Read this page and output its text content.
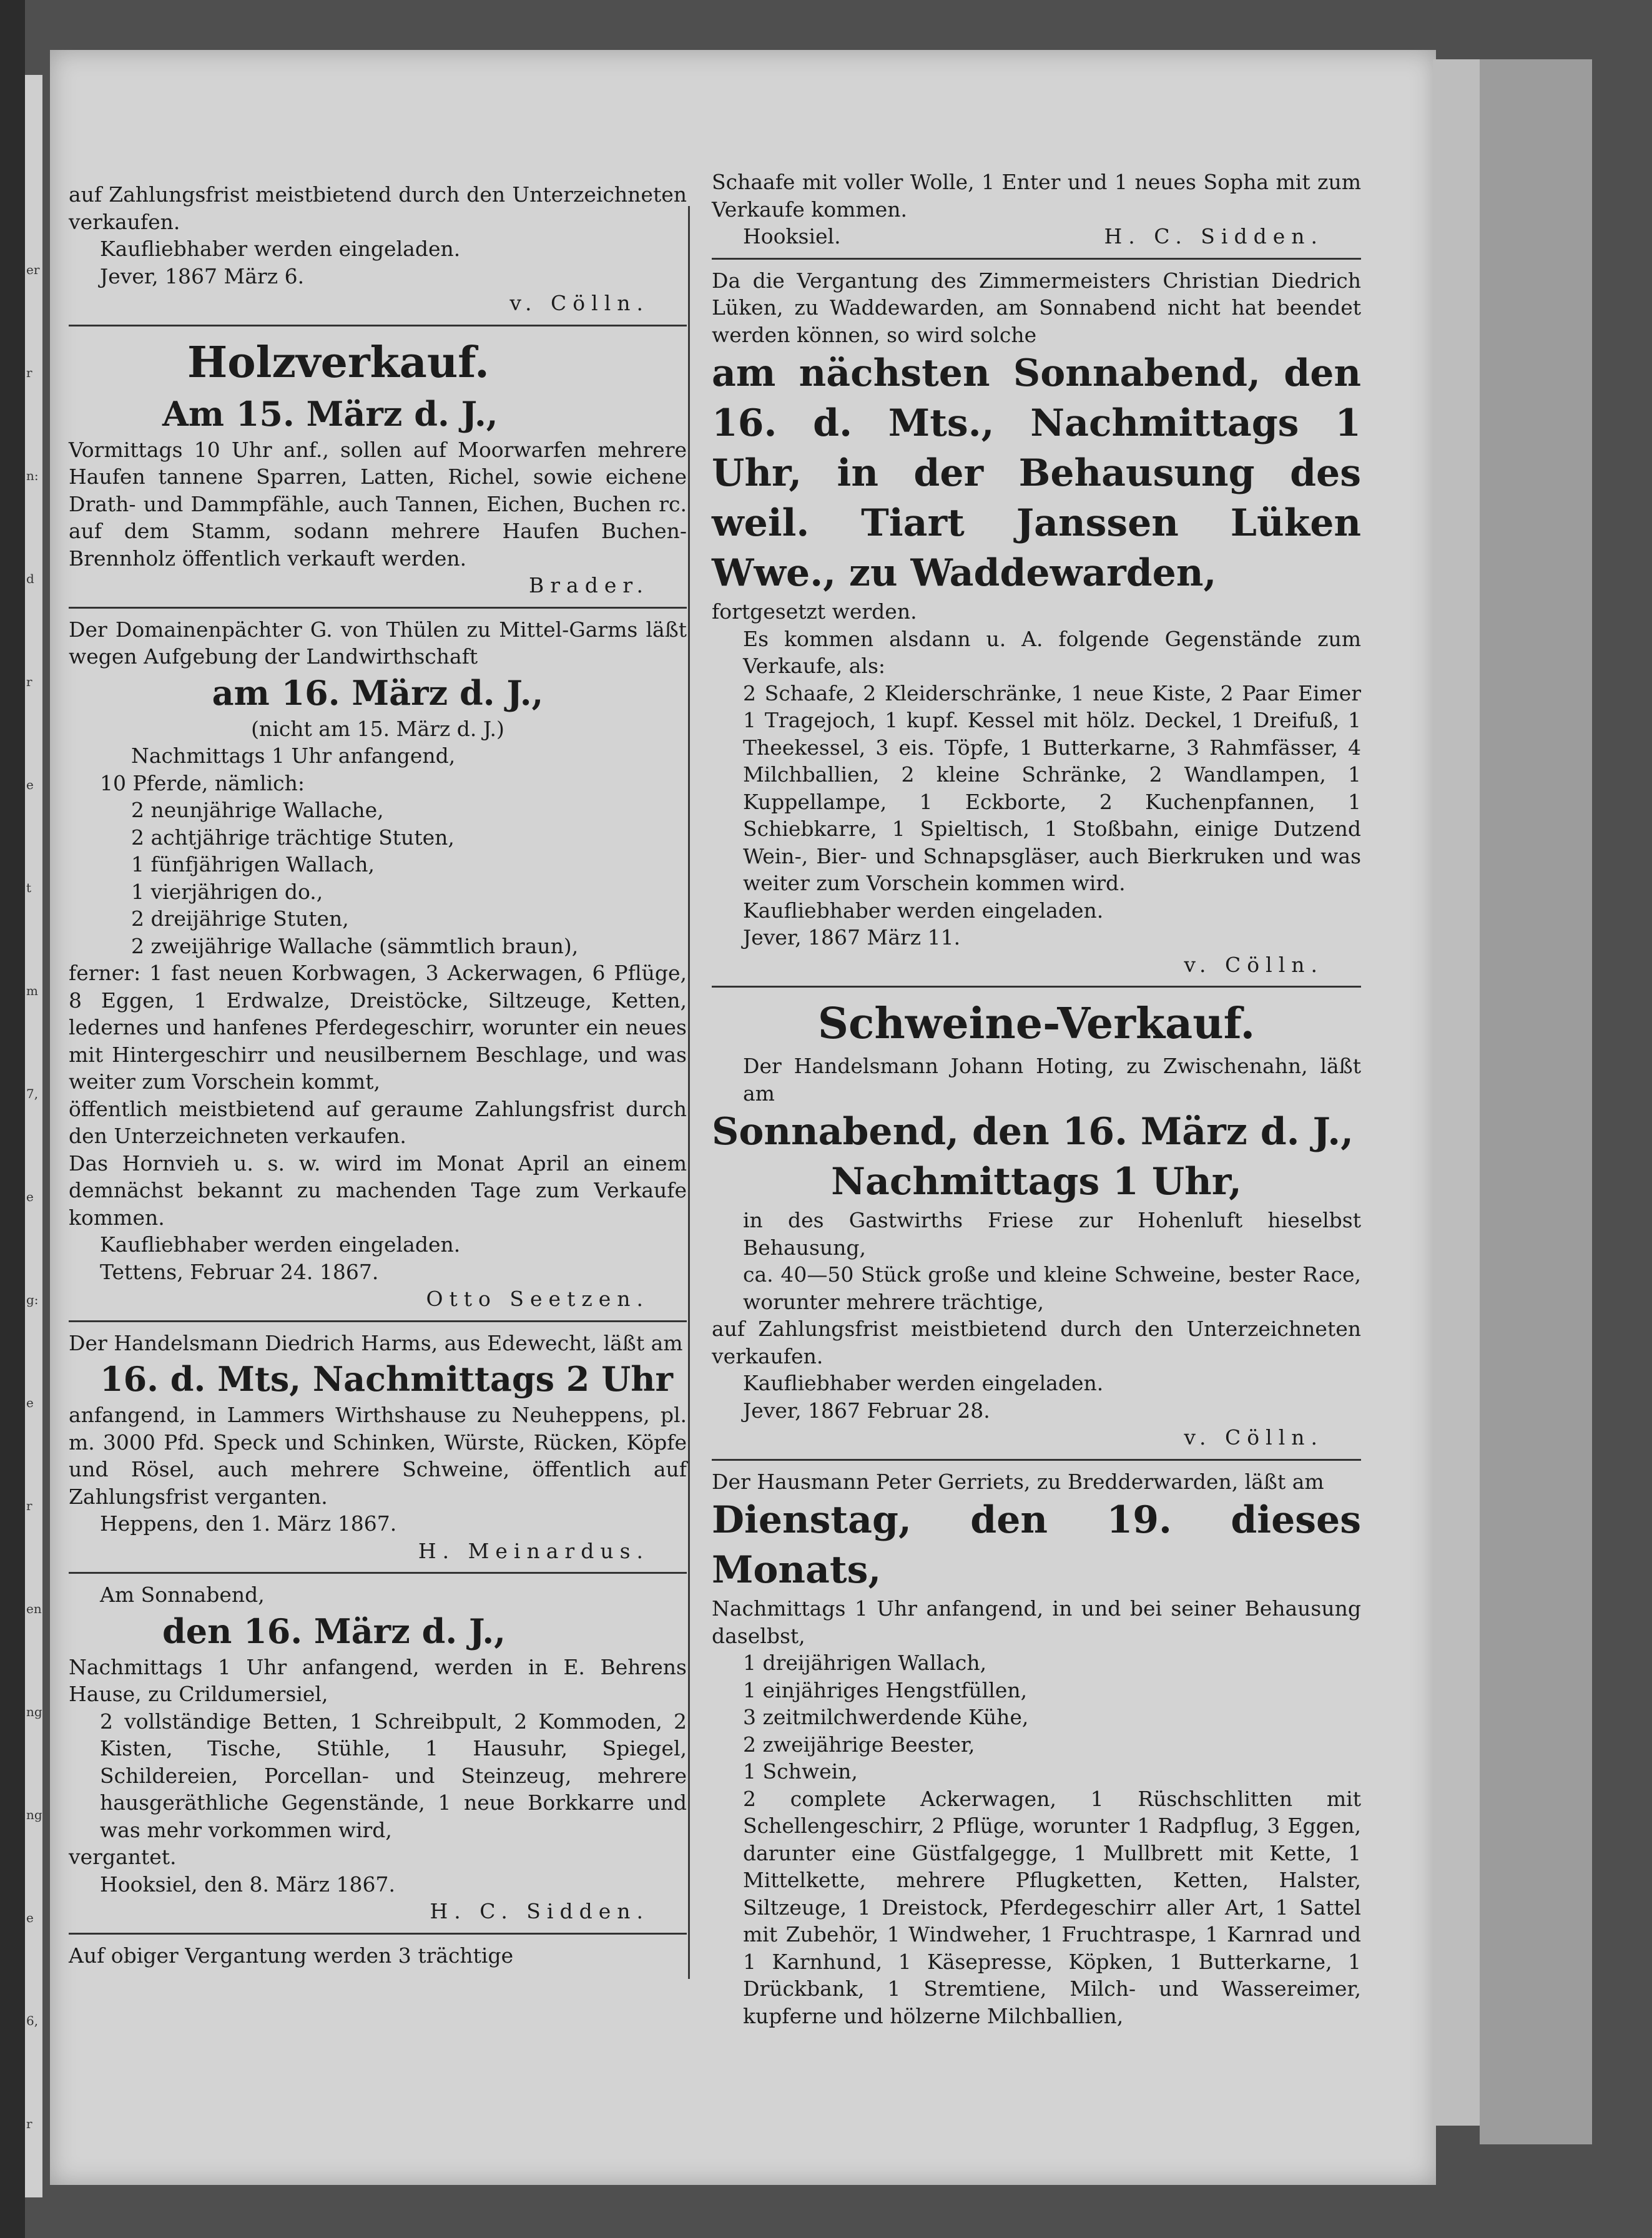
er
r
n:
d
r
e
t
m
7,
e
g:
e
r
en
ng
ng
e
6,
r

auf Zahlungsfrist meistbietend durch den Unterzeichneten verkaufen.

Kaufliebhaber werden eingeladen.

Jever, 1867 März 6.

v. Cölln.

Holzverkauf.

Am 15. März d. J.,

Vormittags 10 Uhr anf., sollen auf Moorwarfen mehrere Haufen tannene Sparren, Latten, Richel, sowie eichene Drath- und Dammpfähle, auch Tannen, Eichen, Buchen rc. auf dem Stamm, sodann mehrere Haufen Buchen-Brennholz öffentlich verkauft werden.

Brader.

Der Domainenpächter G. von Thülen zu Mittel-Garms läßt wegen Aufgebung der Landwirthschaft

am 16. März d. J.,

(nicht am 15. März d. J.)

Nachmittags 1 Uhr anfangend,

10 Pferde, nämlich:

2 neunjährige Wallache,

2 achtjährige trächtige Stuten,

1 fünfjährigen Wallach,

1 vierjährigen do.,

2 dreijährige Stuten,

2 zweijährige Wallache (sämmtlich braun),

ferner: 1 fast neuen Korbwagen, 3 Ackerwagen, 6 Pflüge, 8 Eggen, 1 Erdwalze, Dreistöcke, Siltzeuge, Ketten, ledernes und hanfenes Pferdegeschirr, worunter ein neues mit Hintergeschirr und neusilbernem Beschlage, und was weiter zum Vorschein kommt,

öffentlich meistbietend auf geraume Zahlungsfrist durch den Unterzeichneten verkaufen.

Das Hornvieh u. s. w. wird im Monat April an einem demnächst bekannt zu machenden Tage zum Verkaufe kommen.

Kaufliebhaber werden eingeladen.

Tettens, Februar 24. 1867.

Otto Seetzen.

Der Handelsmann Diedrich Harms, aus Edewecht, läßt am

16. d. Mts, Nachmittags 2 Uhr

anfangend, in Lammers Wirthshause zu Neuheppens, pl. m. 3000 Pfd. Speck und Schinken, Würste, Rücken, Köpfe und Rösel, auch mehrere Schweine, öffentlich auf Zahlungsfrist verganten.

Heppens, den 1. März 1867.

H. Meinardus.

Am Sonnabend,

den 16. März d. J.,

Nachmittags 1 Uhr anfangend, werden in E. Behrens Hause, zu Crildumersiel,

2 vollständige Betten, 1 Schreibpult, 2 Kommoden, 2 Kisten, Tische, Stühle, 1 Hausuhr, Spiegel, Schildereien, Porcellan- und Steinzeug, mehrere hausgeräthliche Gegenstände, 1 neue Borkkarre und was mehr vorkommen wird,

vergantet.

Hooksiel, den 8. März 1867.

H. C. Sidden.

Auf obiger Vergantung werden 3 trächtige

Schaafe mit voller Wolle, 1 Enter und 1 neues Sopha mit zum Verkaufe kommen.

Hooksiel.	H. C. Sidden.

Da die Vergantung des Zimmermeisters Christian Diedrich Lüken, zu Waddewarden, am Sonnabend nicht hat beendet werden können, so wird solche

am nächsten Sonnabend, den 16. d. Mts., Nachmittags 1 Uhr, in der Behausung des weil. Tiart Janssen Lüken Wwe., zu Waddewarden,

fortgesetzt werden.

Es kommen alsdann u. A. folgende Gegenstände zum Verkaufe, als:

2 Schaafe, 2 Kleiderschränke, 1 neue Kiste, 2 Paar Eimer 1 Tragejoch, 1 kupf. Kessel mit hölz. Deckel, 1 Dreifuß, 1 Theekessel, 3 eis. Töpfe, 1 Butterkarne, 3 Rahmfässer, 4 Milchballien, 2 kleine Schränke, 2 Wandlampen, 1 Kuppellampe, 1 Eckborte, 2 Kuchenpfannen, 1 Schiebkarre, 1 Spieltisch, 1 Stoßbahn, einige Dutzend Wein-, Bier- und Schnapsgläser, auch Bierkruken und was weiter zum Vorschein kommen wird.

Kaufliebhaber werden eingeladen.

Jever, 1867 März 11.

v. Cölln.

Schweine-Verkauf.

Der Handelsmann Johann Hoting, zu Zwischenahn, läßt am

Sonnabend, den 16. März d. J.,

Nachmittags 1 Uhr,

in des Gastwirths Friese zur Hohenluft hieselbst Behausung,

ca. 40—50 Stück große und kleine Schweine, bester Race, worunter mehrere trächtige,

auf Zahlungsfrist meistbietend durch den Unterzeichneten verkaufen.

Kaufliebhaber werden eingeladen.

Jever, 1867 Februar 28.

v. Cölln.

Der Hausmann Peter Gerriets, zu Bredderwarden, läßt am

Dienstag, den 19. dieses Monats,

Nachmittags 1 Uhr anfangend, in und bei seiner Behausung daselbst,

1 dreijährigen Wallach,

1 einjähriges Hengstfüllen,

3 zeitmilchwerdende Kühe,

2 zweijährige Beester,

1 Schwein,

2 complete Ackerwagen, 1 Rüschschlitten mit Schellengeschirr, 2 Pflüge, worunter 1 Radpflug, 3 Eggen, darunter eine Güstfalgegge, 1 Mullbrett mit Kette, 1 Mittelkette, mehrere Pflugketten, Ketten, Halster, Siltzeuge, 1 Dreistock, Pferdegeschirr aller Art, 1 Sattel mit Zubehör, 1 Windweher, 1 Fruchtraspe, 1 Karnrad und 1 Karnhund, 1 Käsepresse, Köpken, 1 Butterkarne, 1 Drückbank, 1 Stremtiene, Milch- und Wassereimer, kupferne und hölzerne Milchballien,
